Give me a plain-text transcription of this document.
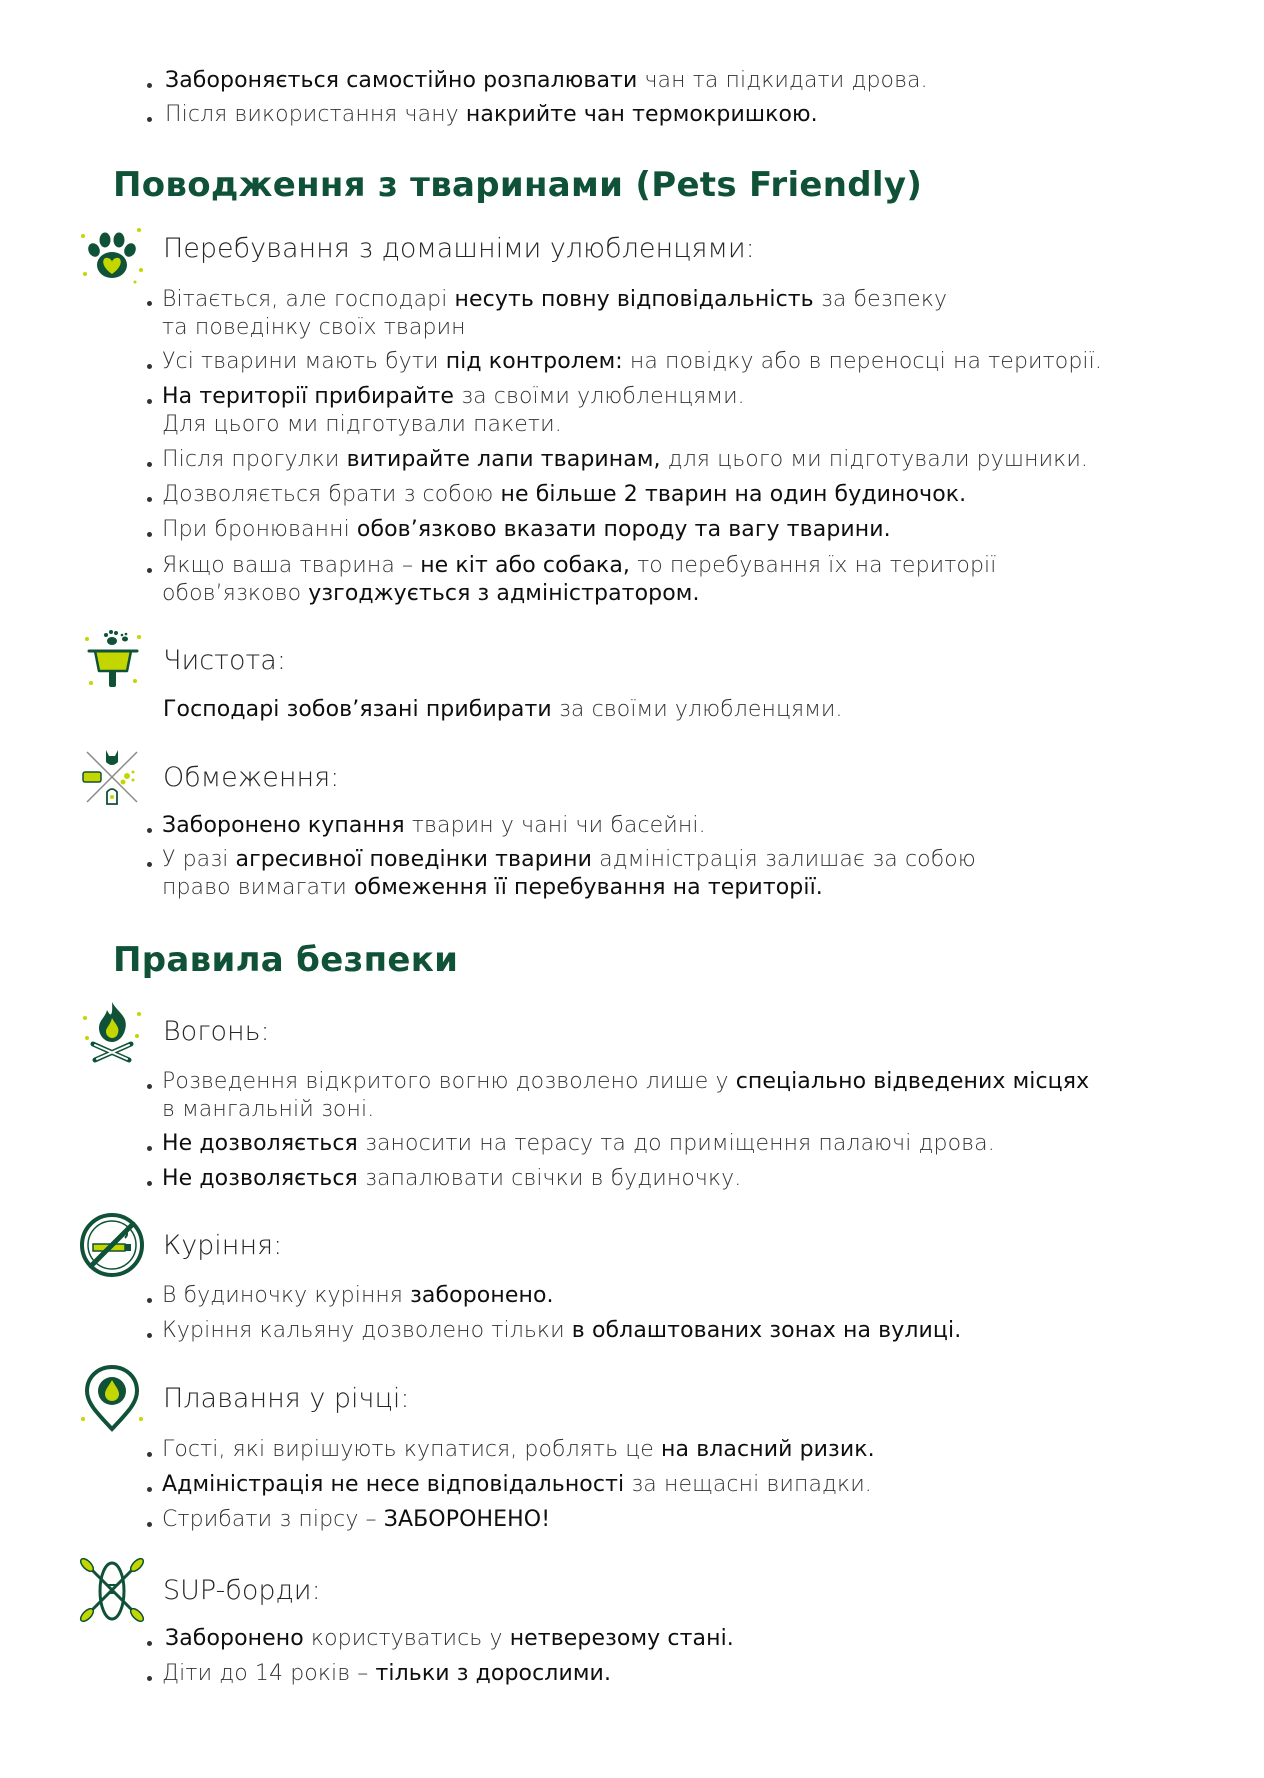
Забороняється самостійно розпалювати чан та підкидати дрова.
Після використання чану накрийте чан термокришкою.
Поводження з тваринами (Pets Friendly)
Перебування з домашніми улюбленцями:
Вітається, але господарі несуть повну відповідальність за безпеку
та поведінку своїх тварин
Усі тварини мають бути під контролем: на повідку або в переносці на території.
На території прибирайте за своїми улюбленцями.
Для цього ми підготували пакети.
Після прогулки витирайте лапи тваринам, для цього ми підготували рушники.
Дозволяється брати з собою не більше 2 тварин на один будиночок.
При бронюванні обов’язково вказати породу та вагу тварини.
Якщо ваша тварина – не кіт або собака, то перебування їх на території
обов’язково узгоджується з адміністратором.
Чистота:
Господарі зобов’язані прибирати за своїми улюбленцями.
Обмеження:
Заборонено купання тварин у чані чи басейні.
У разі агресивної поведінки тварини адміністрація залишає за собою
право вимагати обмеження її перебування на території.
Правила безпеки
Вогонь:
Розведення відкритого вогню дозволено лише у спеціально відведених місцях
в мангальній зоні.
Не дозволяється заносити на терасу та до приміщення палаючі дрова.
Не дозволяється запалювати свічки в будиночку.
Куріння:
В будиночку куріння заборонено.
Куріння кальяну дозволено тільки в облаштованих зонах на вулиці.
Плавання у річці:
Гості, які вирішують купатися, роблять це на власний ризик.
Адміністрація не несе відповідальності за нещасні випадки.
Стрибати з пірсу – ЗАБОРОНЕНО!
SUP-борди:
Заборонено користуватись у нетверезому стані.
Діти до 14 років – тільки з дорослими.
